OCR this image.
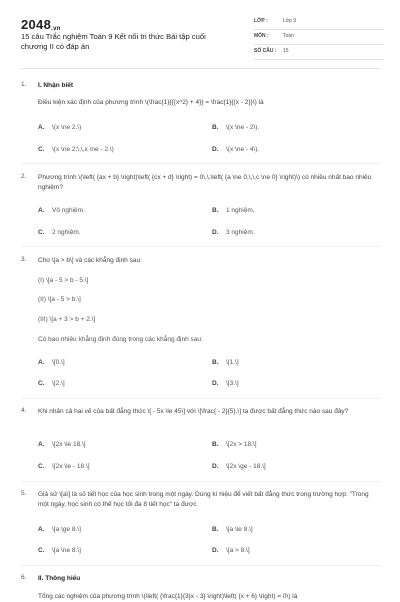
2048.vn
15 câu Trắc nghiệm Toán 9 Kết nối tri thức Bài tập cuối chương II có đáp án
LỚP :	Lớp 9
MÔN :	Toán
SỐ CÂU : 15
1. I. Nhận biết
Điều kiện xác định của phương trình \(\frac{1}{{{x^2} + 4}} = \frac{1}{{x - 2}}\) là
A. \(x \ne 2.\)	B. \(x \ne - 2\).
C. \(x \ne 2;\,\,x \ne - 2.\)	D. \(x \ne - 4\).
2. Phương trình \(\left( {ax + b} \right)\left( {cx + d} \right) = 0\,\,\left( {a \ne 0,\,\,c \ne 0} \right)\) có nhiều nhất bao nhiêu nghiệm?
A. Vô nghiệm.	B. 1 nghiệm.
C. 2 nghiệm.	D. 3 nghiệm.
3. Cho \[a > b\] và các khẳng định sau:
(I) \[a - 5 > b - 5.\]
(II) \[a - 5 > b.\]
(III) \[a + 3 > b + 2.\]
Có bao nhiêu khẳng định đúng trong các khẳng định sau:
A. \[0.\]	B. \[1.\]
C. \[2.\]	D. \[3.\]
4. Khi nhân cả hai vế của bất đẳng thức \[ - 5x \le 45\] với \[\frac{ - 2}{5},\] ta được bất đẳng thức nào sau đây?
A. \[2x \le 18.\]	B. \[2x > 18.\]
C. \[2x \le - 18.\]	D. \[2x \ge - 18.\]
5. Giả sử \[a\] là số tiết học của học sinh trong một ngày. Dùng kí hiệu để viết bất đẳng thức trong trường hợp: "Trong một ngày, học sinh có thể học tối đa 8 tiết học" ta được
A. \[a \ge 8.\]	B. \[a \le 8.\]
C. \[a \ne 8.\]	D. \[a > 8.\]
6. II. Thông hiểu
Tổng các nghiệm của phương trình \(\left( {\frac{1}{3}x - 3} \right)\left( {x + 6} \right) = 0\) là
